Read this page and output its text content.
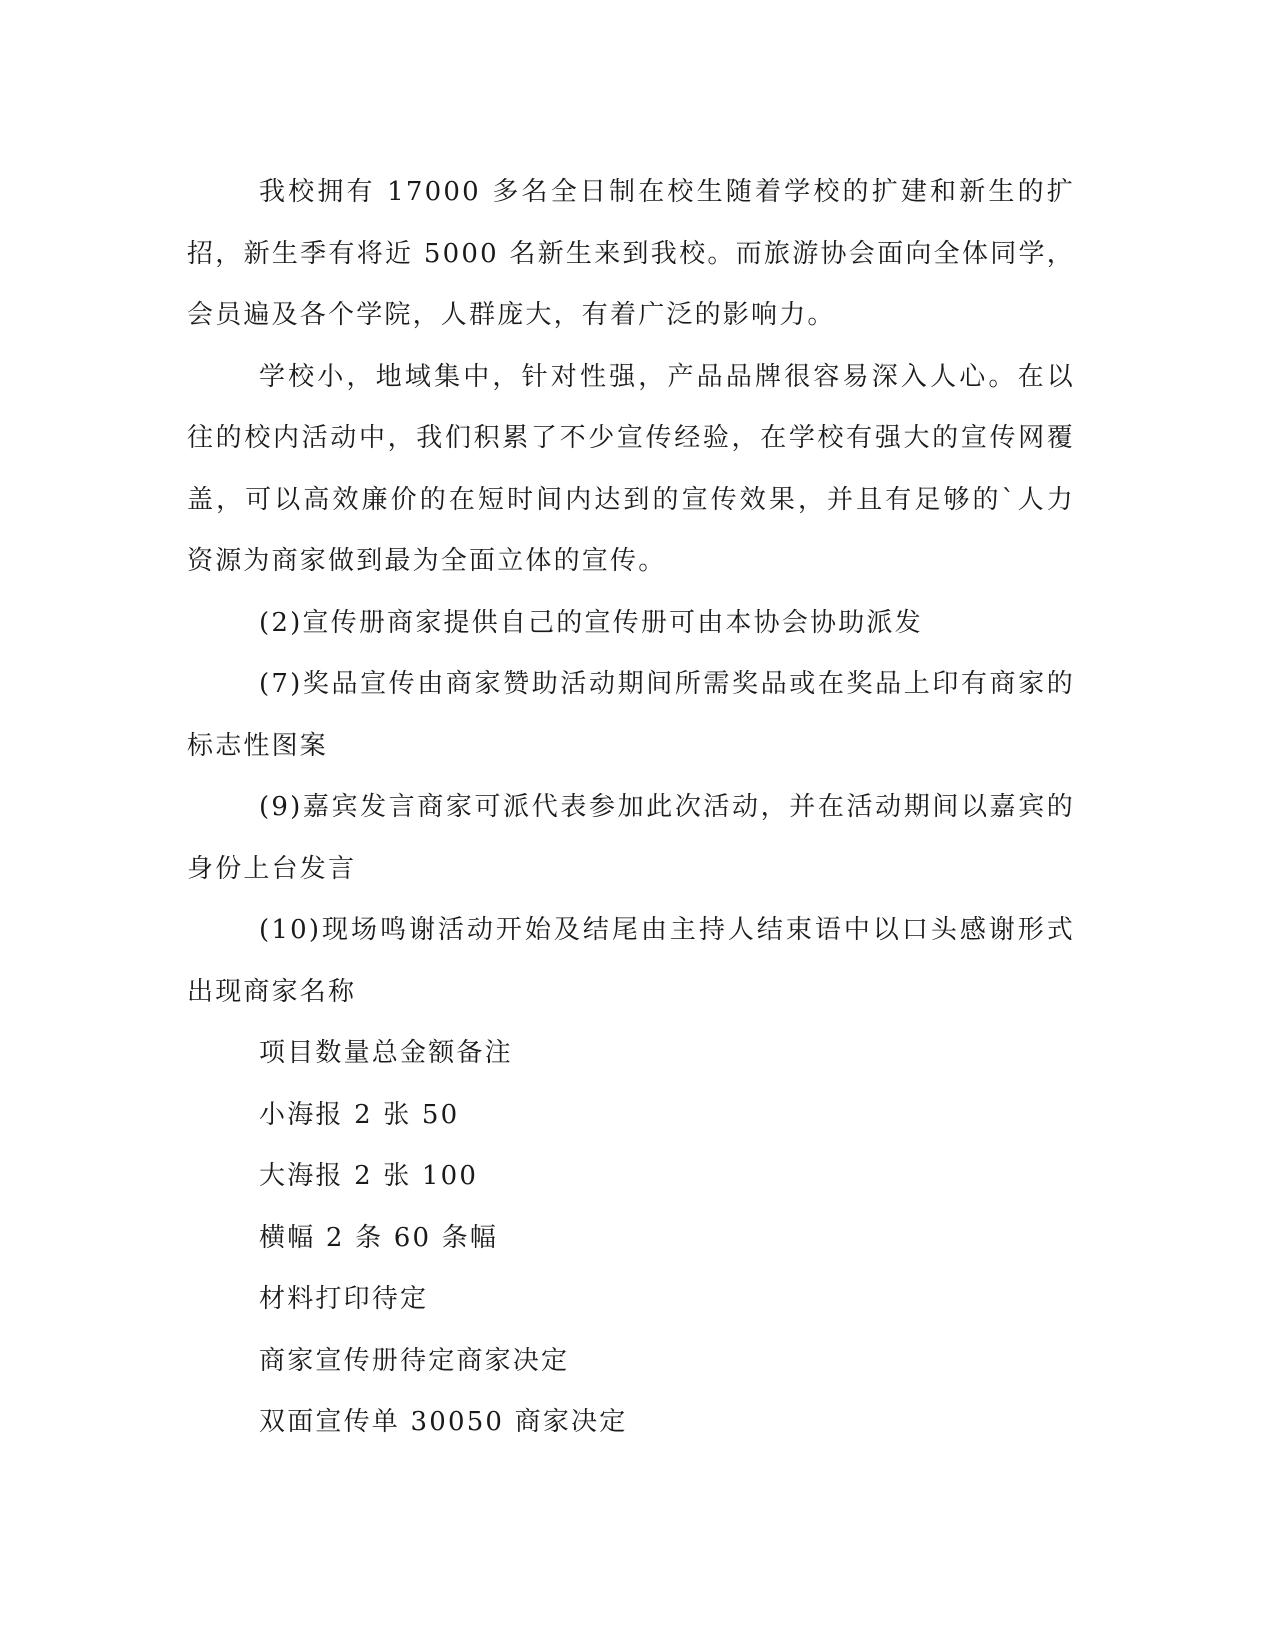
我校拥有 17000 多名全日制在校生随着学校的扩建和新生的扩招，新生季有将近 5000 名新生来到我校。而旅游协会面向全体同学，会员遍及各个学院，人群庞大，有着广泛的影响力。

学校小，地域集中，针对性强，产品品牌很容易深入人心。在以往的校内活动中，我们积累了不少宣传经验，在学校有强大的宣传网覆盖，可以高效廉价的在短时间内达到的宣传效果，并且有足够的`人力资源为商家做到最为全面立体的宣传。

(2)宣传册商家提供自己的宣传册可由本协会协助派发

(7)奖品宣传由商家赞助活动期间所需奖品或在奖品上印有商家的标志性图案

(9)嘉宾发言商家可派代表参加此次活动，并在活动期间以嘉宾的身份上台发言

(10)现场鸣谢活动开始及结尾由主持人结束语中以口头感谢形式出现商家名称

项目数量总金额备注

小海报 2 张 50

大海报 2 张 100

横幅 2 条 60 条幅

材料打印待定

商家宣传册待定商家决定

双面宣传单 30050 商家决定
